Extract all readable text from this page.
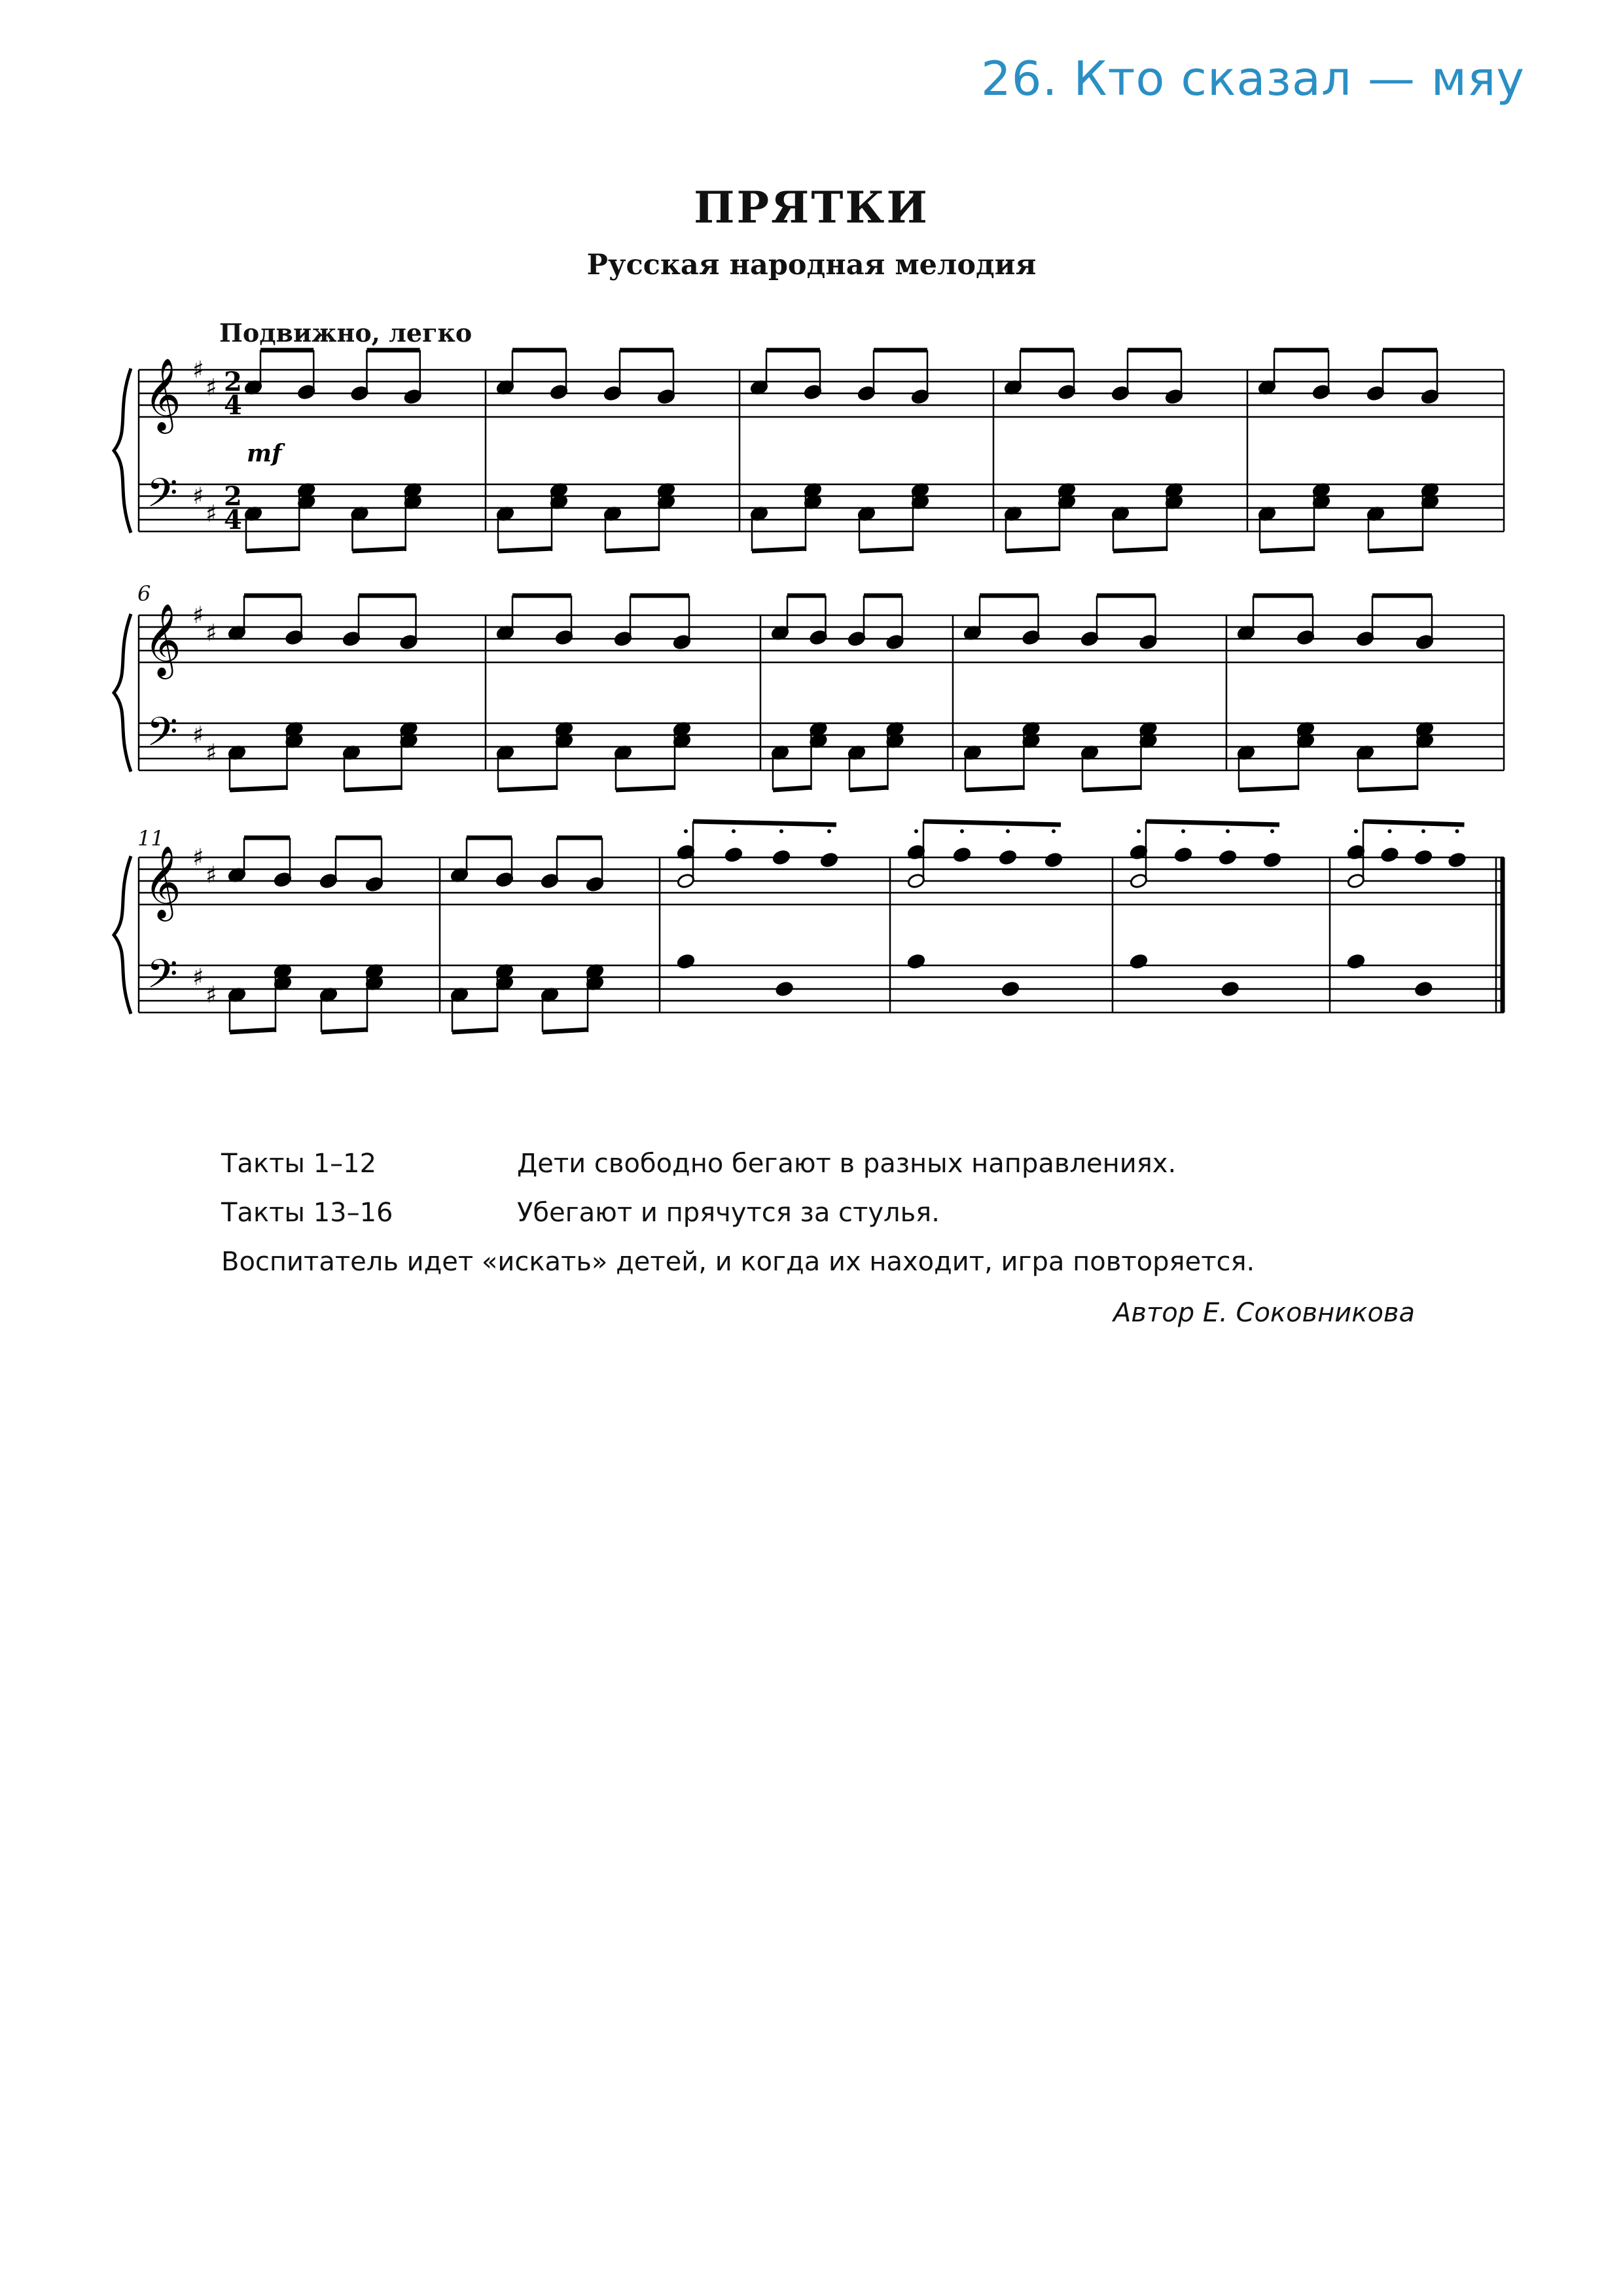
26. Кто сказал — мяу
ПРЯТКИ
Русская народная мелодия
Подвижно, легко
6
11
𝄞
𝄢
♯
♯
♯
♯
2
2
4
4
mf
𝄞
𝄢
♯
♯
♯
♯
𝄞
𝄢
♯
♯
♯
♯
Такты 1–12	Дети свободно бегают в разных направлениях.
Такты 13–16	Убегают и прячутся за стулья.
Воспитатель идет «искать» детей, и когда их находит, игра повторяется.
Автор Е. Соковникова
